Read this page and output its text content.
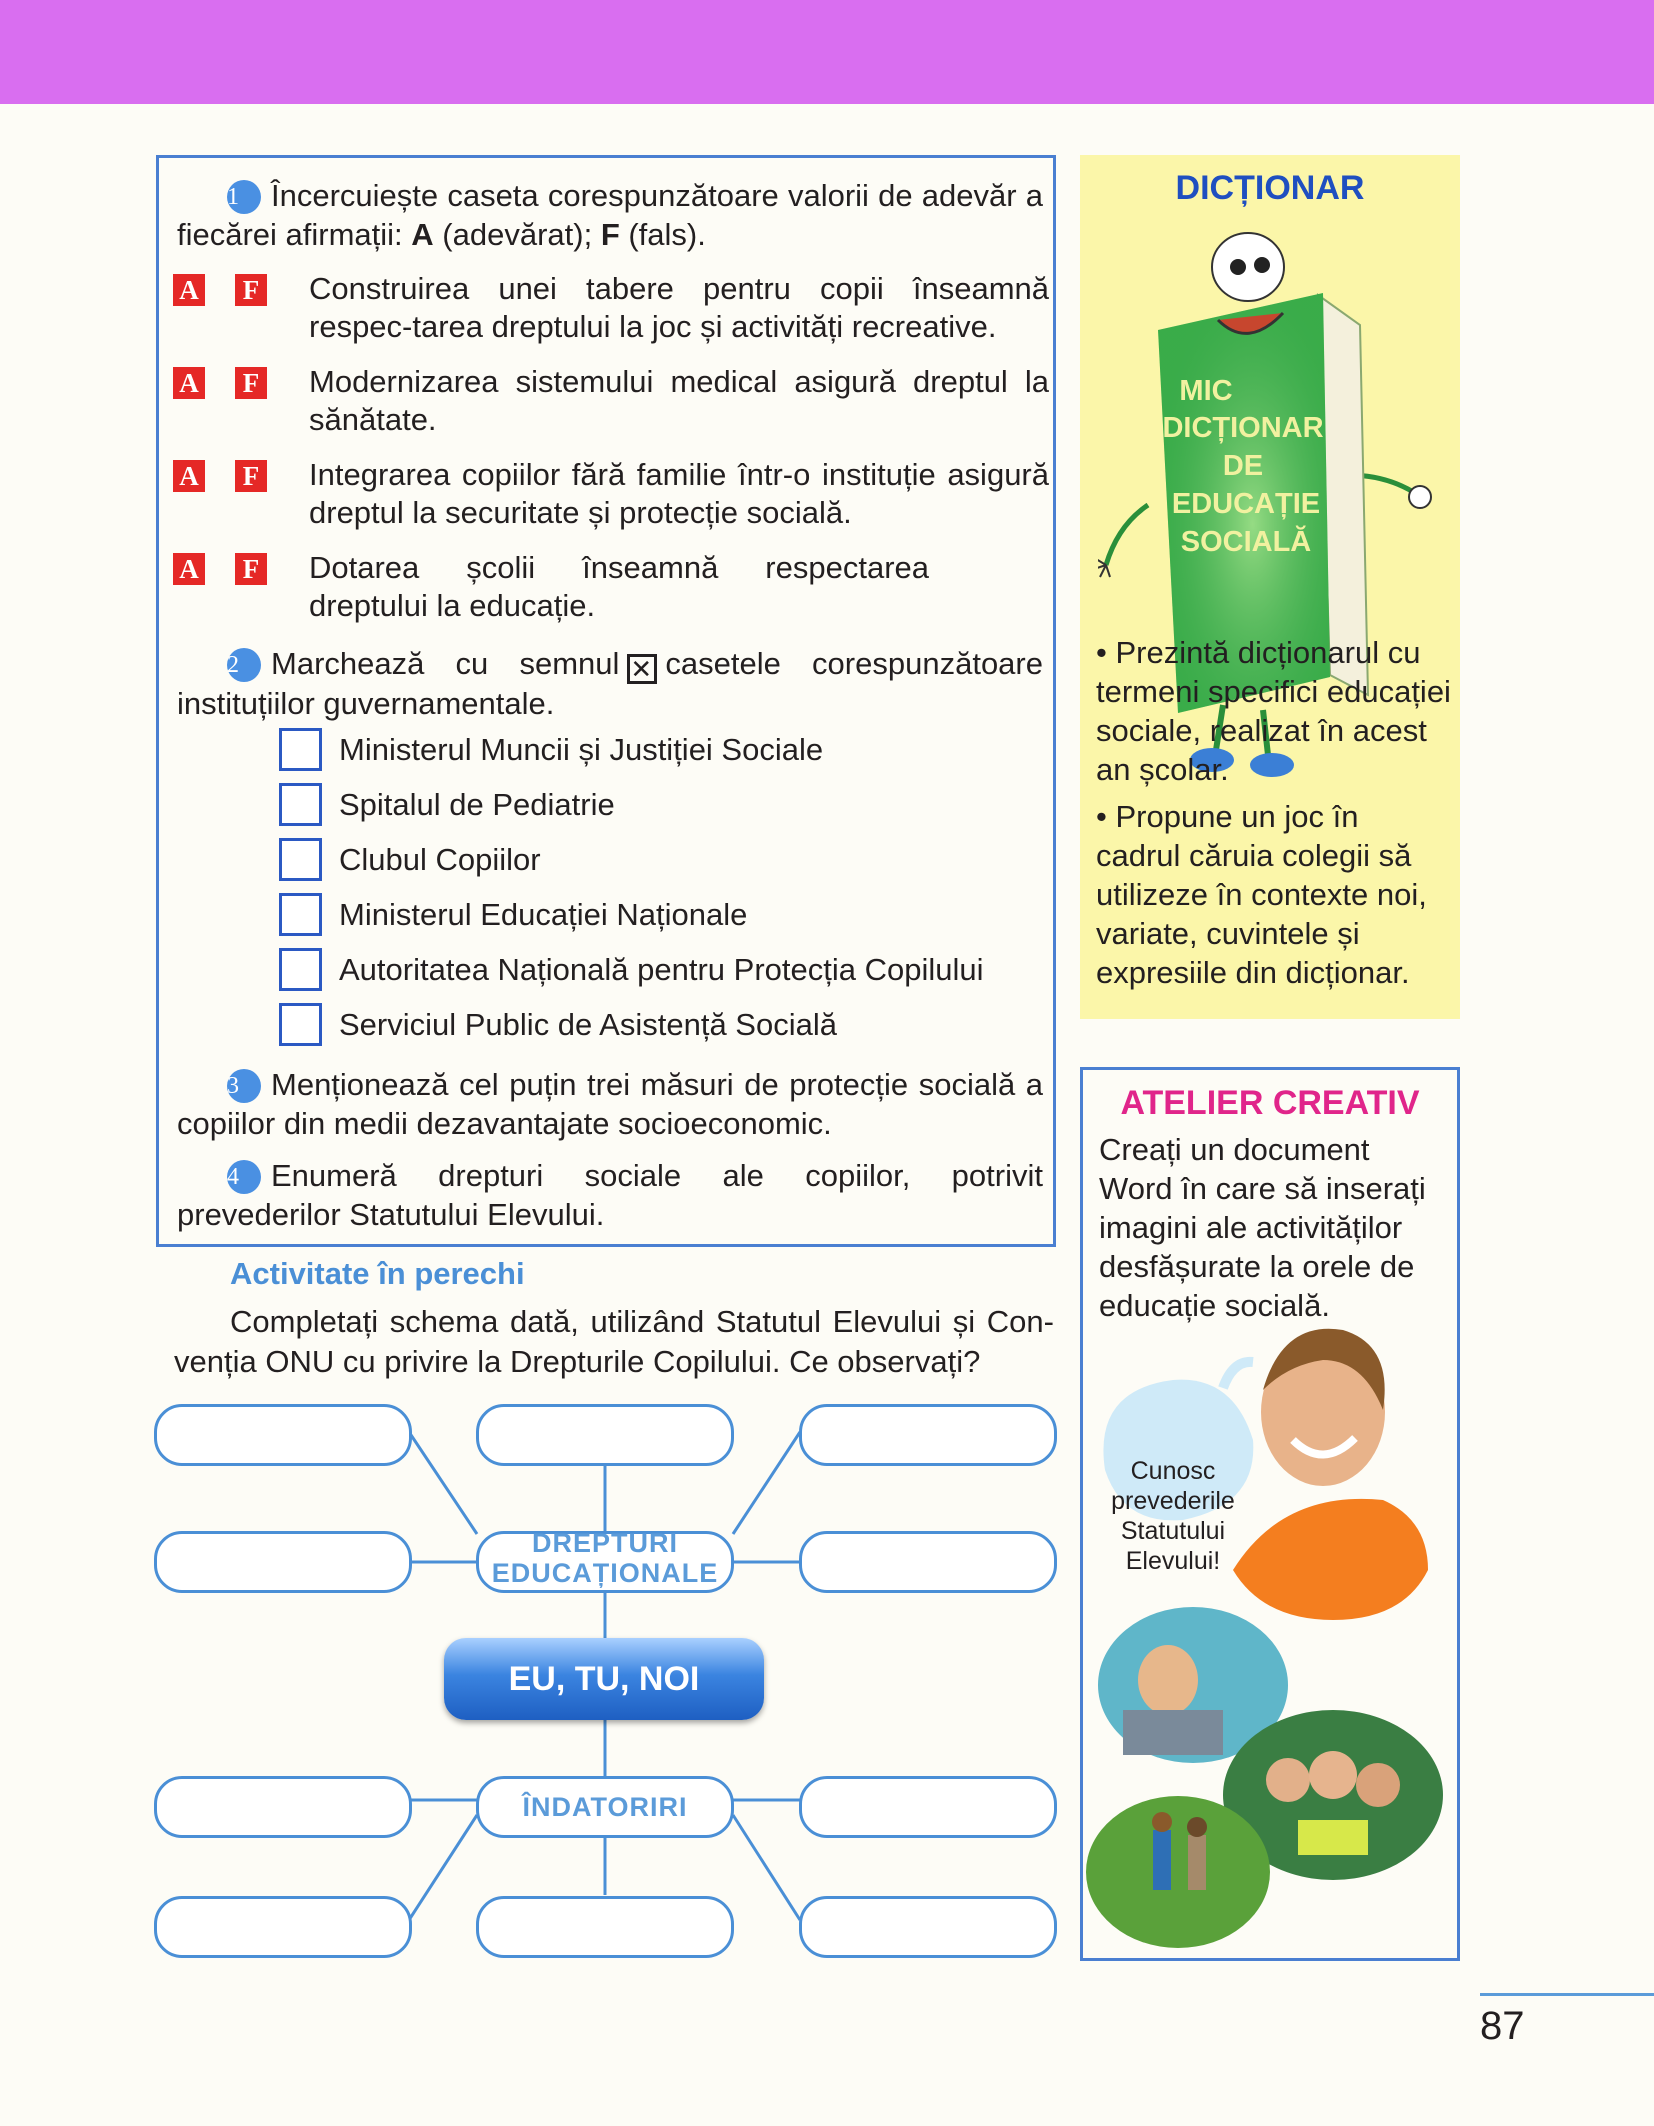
1 Încercuiește caseta corespunzătoare valorii de adevăr a fiecărei afirmații: A (adevărat); F (fals).
A F Construirea unei tabere pentru copii înseamnă respec-tarea dreptului la joc și activități recreative.
A F Modernizarea sistemului medical asigură dreptul la sănătate.
A F Integrarea copiilor fără familie într-o instituție asigură dreptul la securitate și protecție socială.
A F Dotarea școlii înseamnă respectarea dreptului la educație.
2 Marchează cu semnul ✕ casetele corespunzătoare instituțiilor guvernamentale.
Ministerul Muncii și Justiției Sociale
Spitalul de Pediatrie
Clubul Copiilor
Ministerul Educației Naționale
Autoritatea Națională pentru Protecția Copilului
Serviciul Public de Asistență Socială
3 Menționează cel puțin trei măsuri de protecție socială a copiilor din medii dezavantajate socioeconomic.
4 Enumeră drepturi sociale ale copiilor, potrivit prevederilor Statutului Elevului.
Activitate în perechi
Completați schema dată, utilizând Statutul Elevului și Con-venția ONU cu privire la Drepturile Copilului. Ce observați?
DREPTURI
EDUCAȚIONALE
EU, TU, NOI
ÎNDATORIRI
DICȚIONAR
MIC
DICȚIONAR
DE
EDUCAȚIE
SOCIALĂ
• Prezintă dicționarul cu termeni specifici educației sociale, realizat în acest an școlar.
• Propune un joc în cadrul căruia colegii să utilizeze în contexte noi, variate, cuvintele și expresiile din dicționar.
ATELIER CREATIV
Creați un document Word în care să inserați imagini ale activităților desfășurate la orele de educație socială.
Cunosc prevederile Statutului Elevului!
87
